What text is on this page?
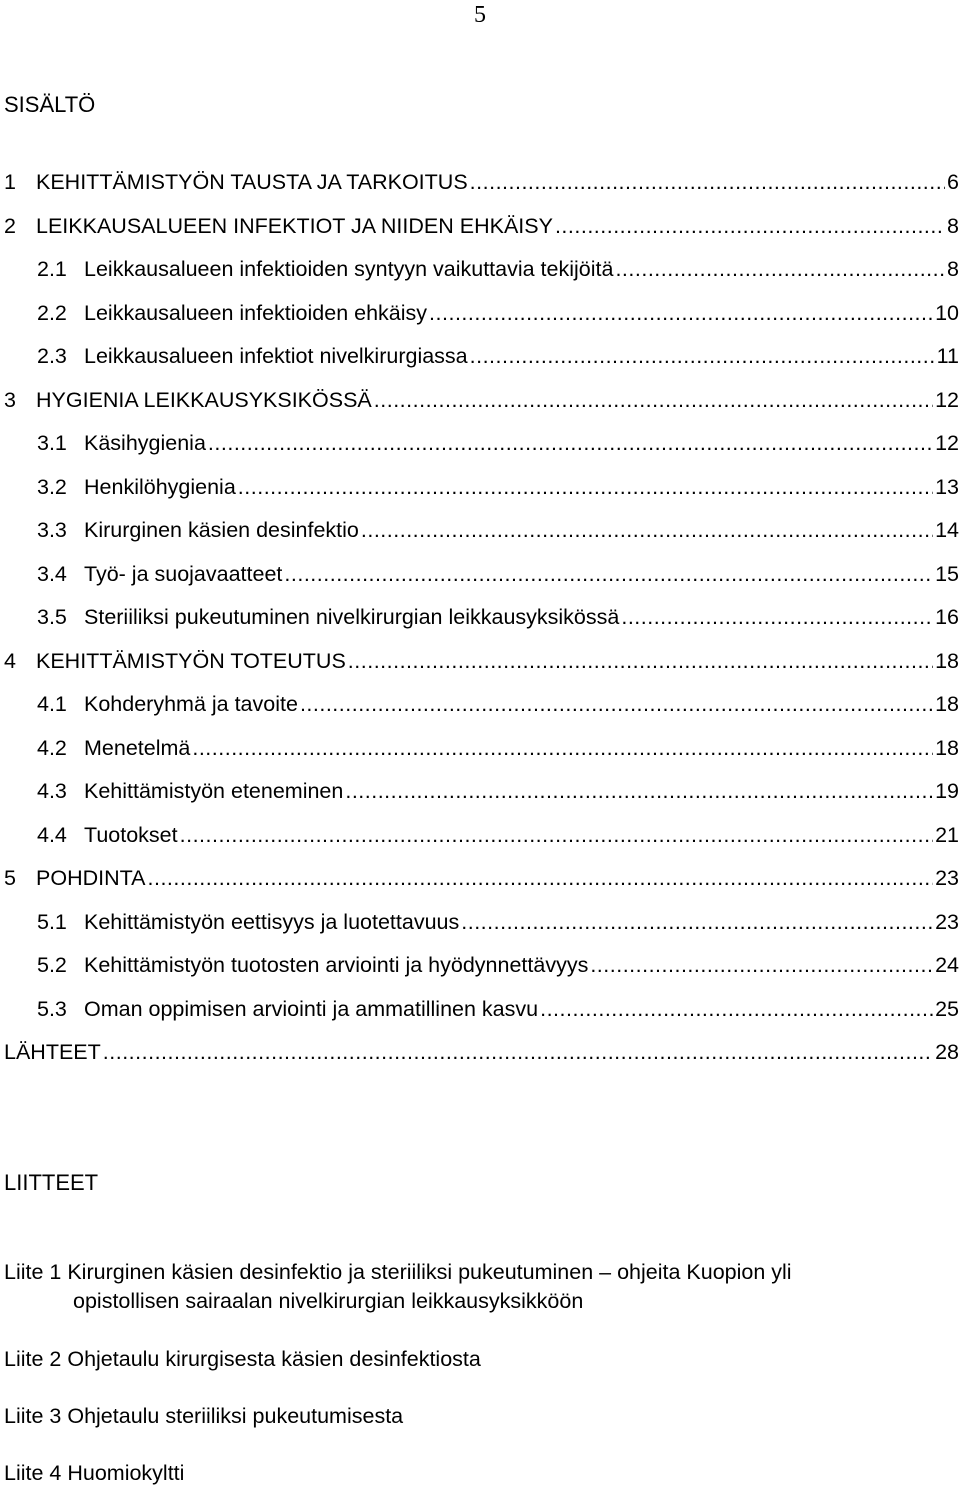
5
SISÄLTÖ
1 KEHITTÄMISTYÖN TAUSTA JA TARKOITUS .....	6
2 LEIKKAUSALUEEN INFEKTIOT JA NIIDEN EHKÄISY .....	8
2.1 Leikkausalueen infektioiden syntyyn vaikuttavia tekijöitä .....	8
2.2 Leikkausalueen infektioiden ehkäisy .....	10
2.3 Leikkausalueen infektiot nivelkirurgiassa .....	11
3 HYGIENIA LEIKKAUSYKSIKÖSSÄ .....	12
3.1 Käsihygienia .....	12
3.2 Henkilöhygienia .....	13
3.3 Kirurginen käsien desinfektio .....	14
3.4 Työ- ja suojavaatteet .....	15
3.5 Steriiliksi pukeutuminen nivelkirurgian leikkausyksikössä .....	16
4 KEHITTÄMISTYÖN TOTEUTUS .....	18
4.1 Kohderyhmä ja tavoite .....	18
4.2 Menetelmä .....	18
4.3 Kehittämistyön eteneminen .....	19
4.4 Tuotokset .....	21
5 POHDINTA .....	23
5.1 Kehittämistyön eettisyys ja luotettavuus .....	23
5.2 Kehittämistyön tuotosten arviointi ja hyödynnettävyys .....	24
5.3 Oman oppimisen arviointi ja ammatillinen kasvu .....	25
LÄHTEET .....	28
LIITTEET
Liite 1 Kirurginen käsien desinfektio ja steriiliksi pukeutuminen – ohjeita Kuopion yli
opistollisen sairaalan nivelkirurgian leikkausyksikköön
Liite 2 Ohjetaulu kirurgisesta käsien desinfektiosta
Liite 3 Ohjetaulu steriiliksi pukeutumisesta
Liite 4 Huomiokyltti
